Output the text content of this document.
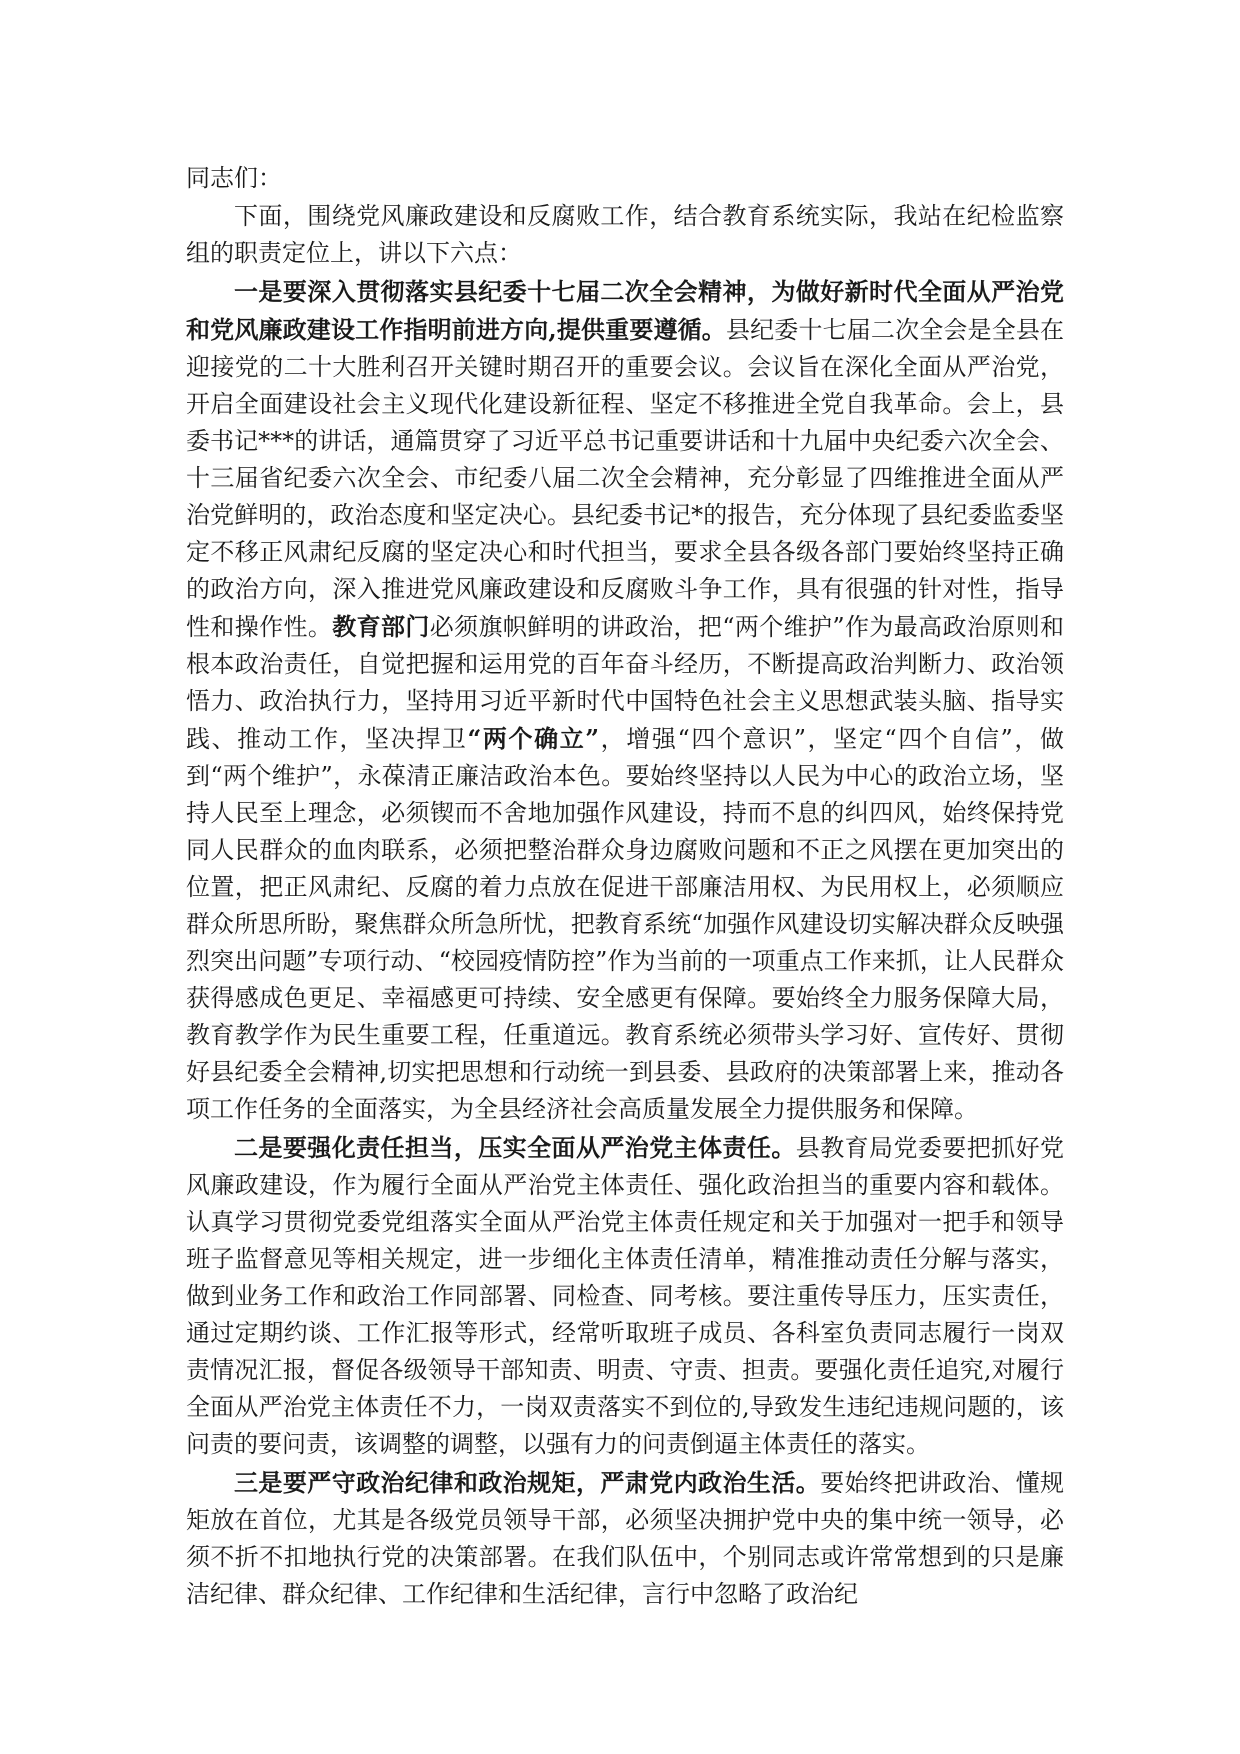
同志们：

下面，围绕党风廉政建设和反腐败工作，结合教育系统实际，我站在纪检监察组的职责定位上，讲以下六点：

一是要深入贯彻落实县纪委十七届二次全会精神，为做好新时代全面从严治党和党风廉政建设工作指明前进方向,提供重要遵循。县纪委十七届二次全会是全县在迎接党的二十大胜利召开关键时期召开的重要会议。会议旨在深化全面从严治党，开启全面建设社会主义现代化建设新征程、坚定不移推进全党自我革命。会上，县委书记***的讲话，通篇贯穿了习近平总书记重要讲话和十九届中央纪委六次全会、十三届省纪委六次全会、市纪委八届二次全会精神，充分彰显了四维推进全面从严治党鲜明的，政治态度和坚定决心。县纪委书记*的报告，充分体现了县纪委监委坚定不移正风肃纪反腐的坚定决心和时代担当，要求全县各级各部门要始终坚持正确的政治方向，深入推进党风廉政建设和反腐败斗争工作，具有很强的针对性，指导性和操作性。教育部门必须旗帜鲜明的讲政治，把“两个维护”作为最高政治原则和根本政治责任，自觉把握和运用党的百年奋斗经历，不断提高政治判断力、政治领悟力、政治执行力，坚持用习近平新时代中国特色社会主义思想武装头脑、指导实践、推动工作，坚决捍卫“两个确立”，增强“四个意识”，坚定“四个自信”，做到“两个维护”，永葆清正廉洁政治本色。要始终坚持以人民为中心的政治立场，坚持人民至上理念，必须锲而不舍地加强作风建设，持而不息的纠四风，始终保持党同人民群众的血肉联系，必须把整治群众身边腐败问题和不正之风摆在更加突出的位置，把正风肃纪、反腐的着力点放在促进干部廉洁用权、为民用权上，必须顺应群众所思所盼，聚焦群众所急所忧，把教育系统“加强作风建设切实解决群众反映强烈突出问题”专项行动、“校园疫情防控”作为当前的一项重点工作来抓，让人民群众获得感成色更足、幸福感更可持续、安全感更有保障。要始终全力服务保障大局，教育教学作为民生重要工程，任重道远。教育系统必须带头学习好、宣传好、贯彻好县纪委全会精神,切实把思想和行动统一到县委、县政府的决策部署上来，推动各项工作任务的全面落实，为全县经济社会高质量发展全力提供服务和保障。

二是要强化责任担当，压实全面从严治党主体责任。县教育局党委要把抓好党风廉政建设，作为履行全面从严治党主体责任、强化政治担当的重要内容和载体。认真学习贯彻党委党组落实全面从严治党主体责任规定和关于加强对一把手和领导班子监督意见等相关规定，进一步细化主体责任清单，精准推动责任分解与落实，做到业务工作和政治工作同部署、同检查、同考核。要注重传导压力，压实责任，通过定期约谈、工作汇报等形式，经常听取班子成员、各科室负责同志履行一岗双责情况汇报，督促各级领导干部知责、明责、守责、担责。要强化责任追究,对履行全面从严治党主体责任不力，一岗双责落实不到位的,导致发生违纪违规问题的，该问责的要问责，该调整的调整，以强有力的问责倒逼主体责任的落实。

三是要严守政治纪律和政治规矩，严肃党内政治生活。要始终把讲政治、懂规矩放在首位，尤其是各级党员领导干部，必须坚决拥护党中央的集中统一领导，必须不折不扣地执行党的决策部署。在我们队伍中，个别同志或许常常想到的只是廉洁纪律、群众纪律、工作纪律和生活纪律，言行中忽略了政治纪
